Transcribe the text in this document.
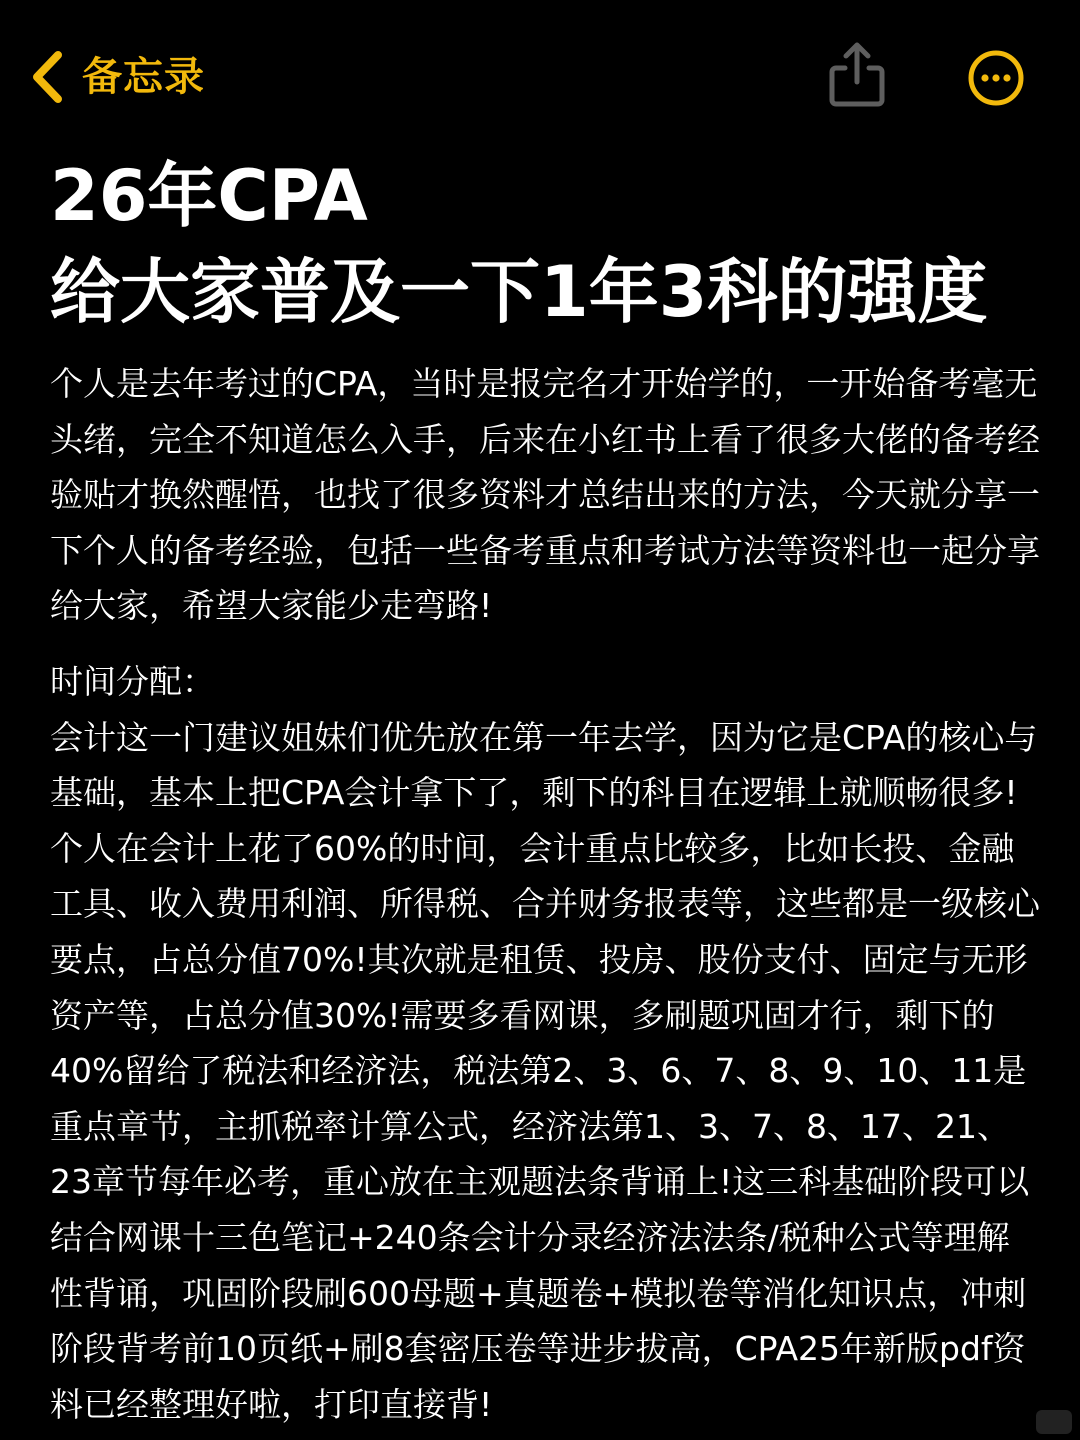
备忘录
26年CPA
给大家普及一下1年3科的强度

个人是去年考过的CPA，当时是报完名才开始学的，一开始备考毫无头绪，完全不知道怎么入手，后来在小红书上看了很多大佬的备考经验贴才换然醒悟，也找了很多资料才总结出来的方法，今天就分享一下个人的备考经验，包括一些备考重点和考试方法等资料也一起分享给大家，希望大家能少走弯路!

时间分配：

会计这一门建议姐妹们优先放在第一年去学，因为它是CPA的核心与基础，基本上把CPA会计拿下了，剩下的科目在逻辑上就顺畅很多!个人在会计上花了60%的时间，会计重点比较多，比如长投、金融工具、收入费用利润、所得税、合并财务报表等，这些都是一级核心要点，占总分值70%!其次就是租赁、投房、股份支付、固定与无形资产等，占总分值30%!需要多看网课，多刷题巩固才行，剩下的40%留给了税法和经济法，税法第2、3、6、7、8、9、10、11是重点章节，主抓税率计算公式，经济法第1、3、7、8、17、21、23章节每年必考，重心放在主观题法条背诵上!这三科基础阶段可以结合网课十三色笔记+240条会计分录经济法法条/税种公式等理解性背诵，巩固阶段刷600母题+真题卷+模拟卷等消化知识点，冲刺阶段背考前10页纸+刷8套密压卷等进步拔高，CPA25年新版pdf资料已经整理好啦，打印直接背!
